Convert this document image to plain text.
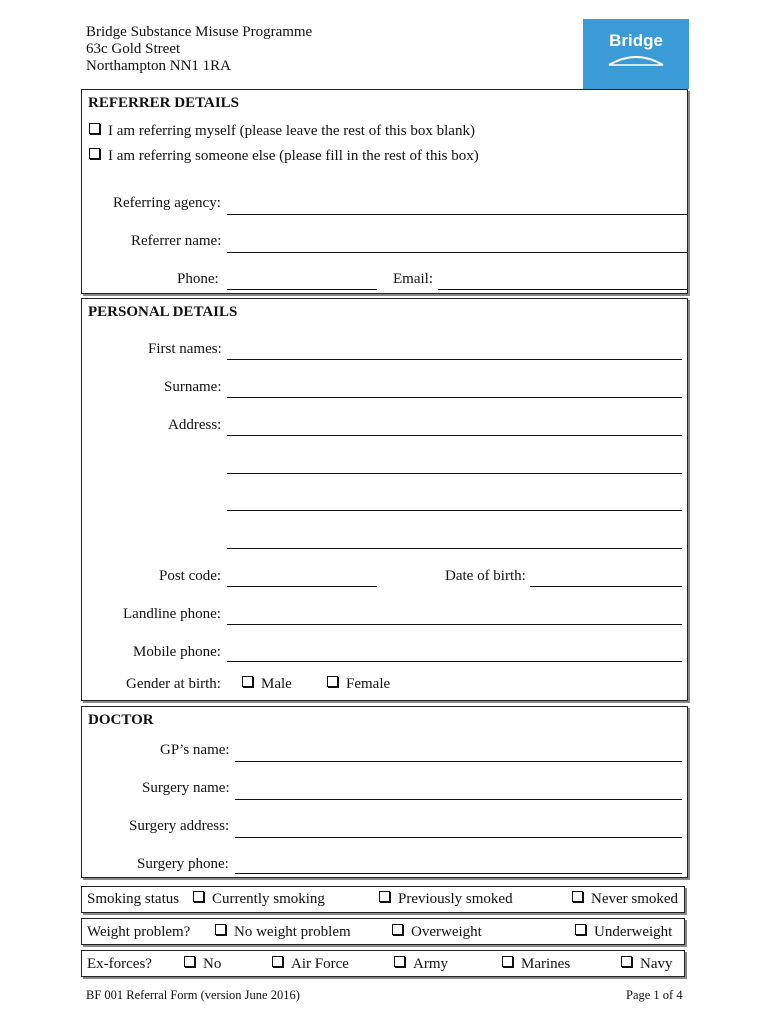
Bridge Substance Misuse Programme
63c Gold Street
Northampton NN1 1RA
Bridge
REFERRER DETAILS
I am referring myself (please leave the rest of this box blank)
I am referring someone else (please fill in the rest of this box)
Referring agency:
Referrer name:
Phone:	Email:
PERSONAL DETAILS
First names:
Surname:
Address:
Post code:	Date of birth:
Landline phone:
Mobile phone:
Gender at birth:	Male	Female
DOCTOR
GP’s name:
Surgery name:
Surgery address:
Surgery phone:
Smoking status	Currently smoking	Previously smoked	Never smoked
Weight problem?	No weight problem	Overweight	Underweight
Ex-forces?	No	Air Force	Army	Marines	Navy
BF 001 Referral Form (version June 2016)	Page 1 of 4
